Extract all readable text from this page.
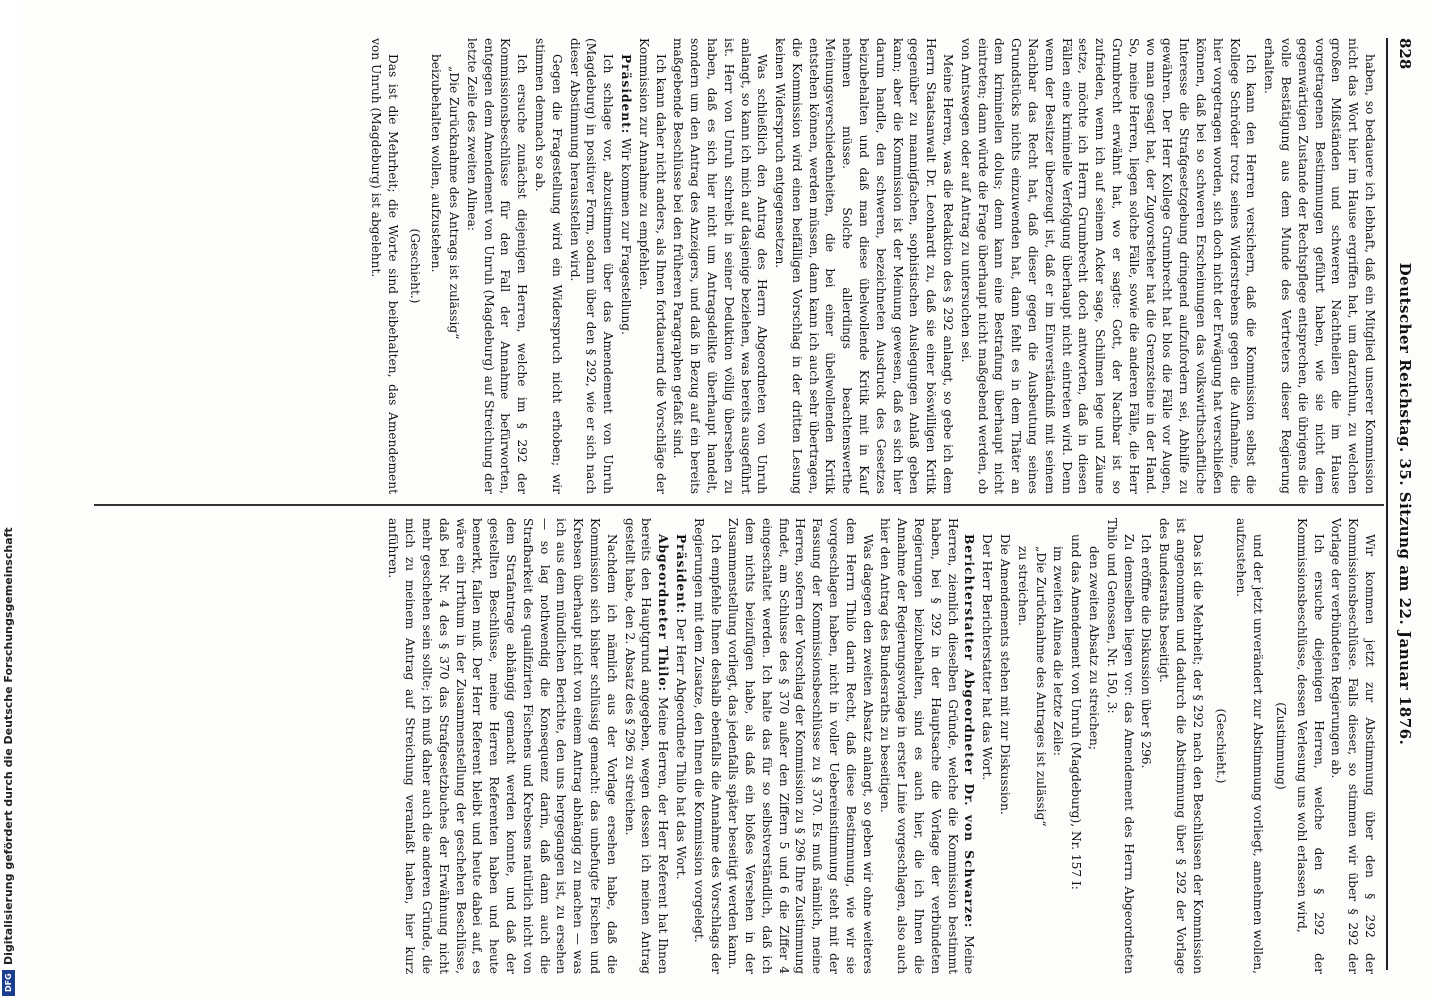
828
Deutscher Reichstag. 35. Sitzung am 22. Januar 1876.

haben, so bedauere ich lebhaft, daß ein Mitglied unserer Kommission nicht das Wort hier im Hause ergriffen hat, um darzuthun, zu welchen großen Mißständen und schweren Nachtheilen die im Hause vorgetragenen Bestimmungen geführt haben, wie sie nicht dem gegenwärtigen Zustande der Rechtspflege entsprechen, die übrigens die volle Bestätigung aus dem Munde des Vertreters dieser Regierung erhalten.

Ich kann den Herren versichern, daß die Kommission selbst die Kollege Schröder trotz seines Widerstrebens gegen die Aufnahme, die hier vorgetragen worden, sich doch nicht der Erwägung hat verschließen können, daß bei so schweren Erscheinungen das volkswirthschaftliche Interesse die Strafgesetzgebung dringend aufzufordern sei, Abhilfe zu gewähren. Der Herr Kollege Grumbrecht hat blos die Fälle vor Augen, wo man gesagt hat, der Zugvorsteher hat die Grenzsteine in der Hand. So, meine Herren, liegen solche Fälle, sowie die anderen Fälle, die Herr Grumbrecht erwähnt hat, wo er sagte: Gott, der Nachbar ist so zufrieden, wenn ich auf seinem Acker sage, Schilmen lege und Zäune setze, möchte ich Herrn Grumbrecht doch antworten, daß in diesen Fällen eine kriminelle Verfolgung überhaupt nicht eintreten wird. Denn wenn der Besitzer überzeugt ist, daß er im Einverständniß mit seinem Nachbar das Recht hat, daß dieser gegen die Ausbeutung seines Grundstücks nichts einzuwenden hat, dann fehlt es in dem Thäter an dem kriminellen dolus; denn kann eine Bestrafung überhaupt nicht eintreten; dann würde die Frage überhaupt nicht maßgebend werden, ob von Amtswegen oder auf Antrag zu untersuchen sei.

Meine Herren, was die Redaktion des § 292 anlangt, so gebe ich dem Herrn Staatsanwalt Dr. Leonhardt zu, daß sie einer böswilligen Kritik gegenüber zu mannigfachen, sophistischen Auslegungen Anlaß geben kann; aber die Kommission ist der Meinung gewesen, daß es sich hier darum handle, den schweren, bezeichneten Ausdruck des Gesetzes beizubehalten und daß man diese übelwollende Kritik mit in Kauf nehmen müsse. Solche allerdings beachtenswerthe Meinungsverschiedenheiten, die bei einer übelwollenden Kritik entstehen können, werden müssen, dann kann ich auch sehr übertragen, die Kommission wird einen beifälligen Vorschlag in der dritten Lesung keinen Widerspruch entgegensetzen.

Was schließlich den Antrag des Herrn Abgeordneten von Unruh anlangt, so kann ich mich auf dasjenige beziehen, was bereits ausgeführt ist. Herr von Unruh schreibt in seiner Deduktion völlig übersehen zu haben, daß es sich hier nicht um Antragsdelikte überhaupt handelt, sondern um den Antrag des Anzeigers, und daß in Bezug auf ein bereits maßgebende Beschlüsse bei den früheren Paragraphen gefaßt sind.

Ich kann daher nicht anders, als Ihnen fortdauernd die Vorschläge der Kommission zur Annahme zu empfehlen.

Präsident: Wir kommen zur Fragestellung.

Ich schlage vor, abzustimmen über das Amendement von Unruh (Magdeburg) in positiver Form, sodann über den § 292, wie er sich nach dieser Abstimmung herausstellen wird.

Gegen die Fragestellung wird ein Widerspruch nicht erhoben; wir stimmen demnach so ab.

Ich ersuche zunächst diejenigen Herren, welche im § 292 der Kommissionsbeschlüsse für den Fall der Annahme befürworten, entgegen dem Amendement von Unruh (Magdeburg) auf Streichung der letzte Zeile des zweiten Alinea:

„Die Zurücknahme des Antrags ist zulässig“

beizubehalten wollen, aufzustehen.

(Geschieht.)

Das ist die Mehrheit; die Worte sind beibehalten, das Amendement von Unruh (Magdeburg) ist abgelehnt.

Wir kommen jetzt zur Abstimmung über den § 292 der Kommissionsbeschlüsse. Falls dieser, so stimmen wir über § 292 der Vorlage der verbündeten Regierungen ab.

Ich ersuche diejenigen Herren, welche den § 292 der Kommissionsbeschlüsse, dessen Verlesung uns wohl erlassen wird,

(Zustimmung)

und der jetzt unverändert zur Abstimmung vorliegt, annehmen wollen, aufzustehen.

(Geschieht.)

Das ist die Mehrheit; der § 292 nach den Beschlüssen der Kommission ist angenommen und dadurch die Abstimmung über § 292 der Vorlage des Bundesraths beseitigt.

Ich eröffne die Diskussion über § 296.

Zu demselben liegen vor: das Amendement des Herrn Abgeordneten Thilo und Genossen, Nr. 150, 3:

den zweiten Absatz zu streichen;

und das Amendement von Unruh (Magdeburg), Nr. 157 I:

im zweiten Alinea die letzte Zeile:

„Die Zurücknahme des Antrages ist zulässig“

zu streichen.

Die Amendements stehen mit zur Diskussion.

Der Herr Berichterstatter hat das Wort.

Berichterstatter Abgeordneter Dr. von Schwarze: Meine Herren, ziemlich dieselben Gründe, welche die Kommission bestimmt haben, bei § 292 in der Hauptsache die Vorlage der verbündeten Regierungen beizubehalten, sind es auch hier, die ich Ihnen die Annahme der Regierungsvorlage in erster Linie vorgeschlagen, also auch hier den Antrag des Bundesraths zu beseitigen.

Was dagegen den zweiten Absatz anlangt, so geben wir ohne weiteres dem Herrn Thilo darin Recht, daß diese Bestimmung, wie wir sie vorgeschlagen haben, nicht in voller Uebereinstimmung steht mit der Fassung der Kommissionsbeschlüsse zu § 370. Es muß nämlich, meine Herren, sofern der Vorschlag der Kommission zu § 296 Ihre Zustimmung findet, am Schlusse des § 370 außer den Ziffern 5 und 6 die Ziffer 4 eingeschaltet werden. Ich halte das für so selbstverständlich, daß ich dem nichts beizufügen habe, als daß ein bloßes Versehen in der Zusammenstellung vorliegt, das jedenfalls später beseitigt werden kann.

Ich empfehle Ihnen deshalb ebenfalls die Annahme des Vorschlags der Regierungen mit dem Zusatze, den Ihnen die Kommission vorgelegt.

Präsident: Der Herr Abgeordnete Thilo hat das Wort.

Abgeordneter Thilo: Meine Herren, der Herr Referent hat Ihnen bereits den Hauptgrund angegeben, wegen dessen ich meinen Antrag gestellt habe, den 2. Absatz des § 296 zu streichen.

Nachdem ich nämlich aus der Vorlage ersehen habe, daß die Kommission sich bisher schlüssig gemacht: das unbefugte Fischen und Krebsen überhaupt nicht von einem Antrag abhängig zu machen — was ich aus dem mündlichen Berichte, den uns hergegangen ist, zu ersehen — so lag nothwendig die Konsequenz darin, daß dann auch die Strafbarkeit des qualifizirten Fischens und Krebsens natürlich nicht von dem Strafantrage abhängig gemacht werden konnte, und daß der gestellten Beschlüsse, meine Herren Referenten haben und heute bemerkt, fallen muß. Der Herr Referent bleibt und heute dabei auf, es wäre ein Irrthum in der Zusammenstellung der geschehen Beschlüsse, daß bei Nr. 4 des § 370 das Strafgesetzbuches der Erwähnung nicht mehr geschehen sein sollte; ich muß daher auch die anderen Gründe, die mich zu meinem Antrag auf Streichung veranlaßt haben, hier kurz anführen.

Digitalisierung gefördert durch die Deutsche Forschungsgemeinschaft
DFG
